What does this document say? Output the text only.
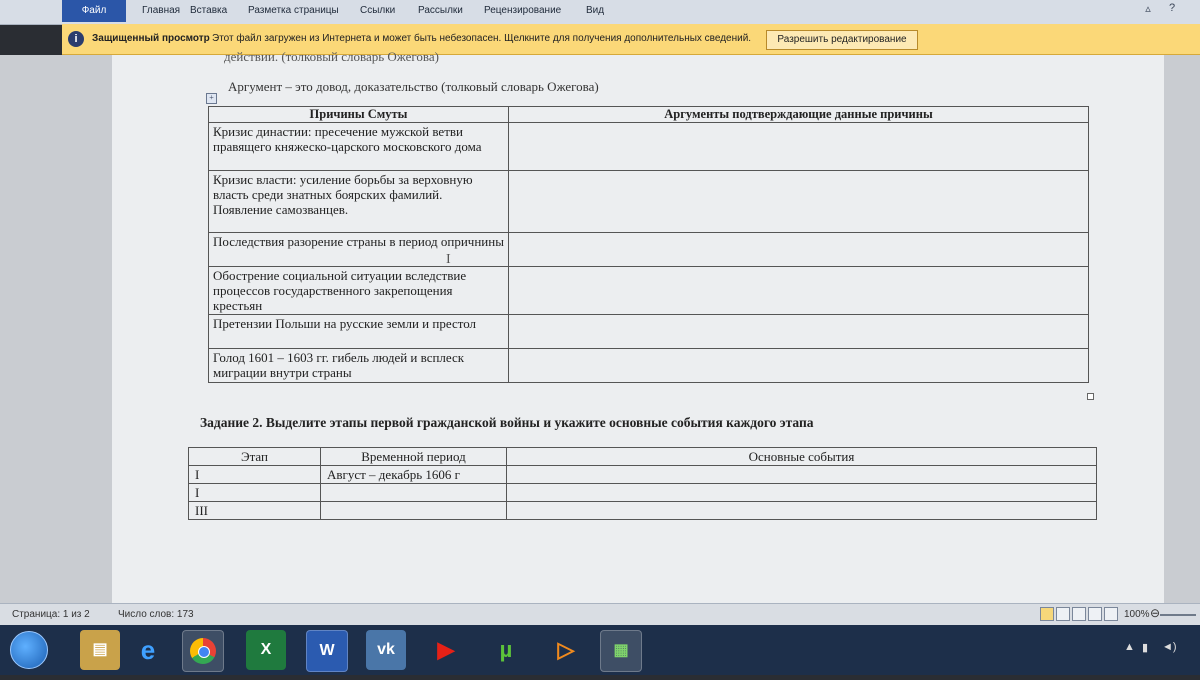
Файл	Главная Вставка Разметка страницы Ссылки Рассылки Рецензирование Вид	▵	?
i	Защищенный просмотр Этот файл загружен из Интернета и может быть небезопасен. Щелкните для получения дополнительных сведений.	Разрешить редактирование
действии. (толковый словарь Ожегова)
Аргумент – это довод, доказательство (толковый словарь Ожегова)
+
Причины Смуты	Аргументы подтверждающие данные причины
Кризис династии: пресечение мужской ветви правящего княжеско-царского московского дома	
Кризис власти: усиление борьбы за верховную власть среди знатных боярских фамилий. Появление самозванцев.	
Последствия разорение страны в период опричнины	
Обострение социальной ситуации вследствие процессов государственного закрепощения крестьян	
Претензии Польши на русские земли и престол	
Голод 1601 – 1603 гг. гибель людей и всплеск миграции внутри страны	
I
Задание 2. Выделите этапы первой гражданской войны и укажите основные события каждого этапа
Этап	Временной период	Основные события
I	Август – декабрь 1606 г	
I		
III		
Страница: 1 из 2	Число слов: 173	100% ⊖
▤	e	X	W	vk	▶	µ	▷	▦	▲ ▮ ◄)
